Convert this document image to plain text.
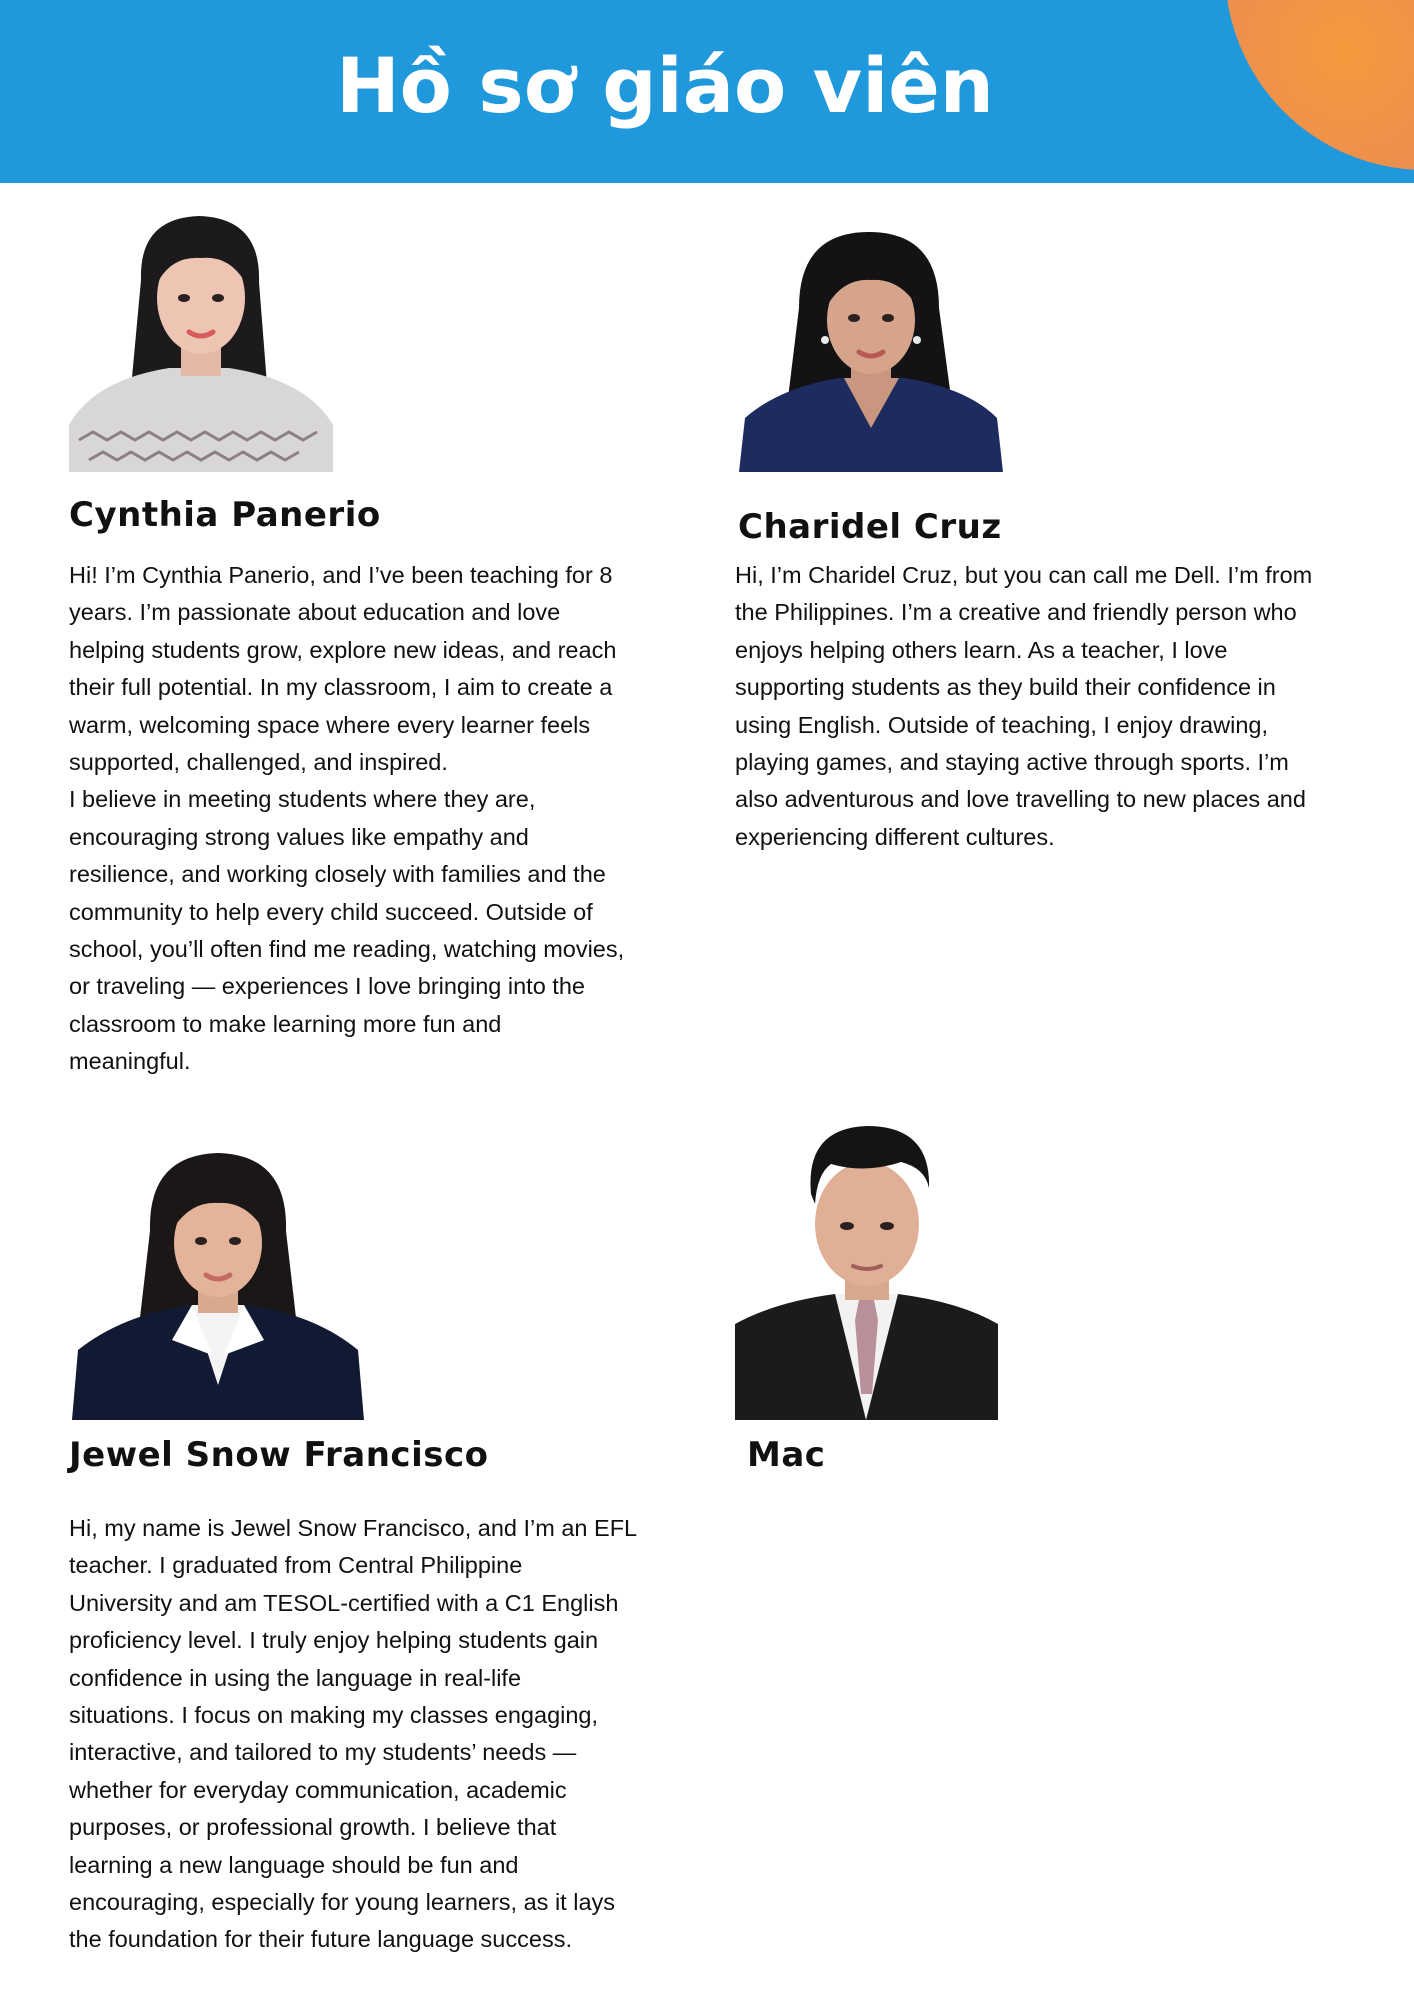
Hồ sơ giáo viên
Cynthia Panerio

Hi! I’m Cynthia Panerio, and I’ve been teaching for 8
years. I’m passionate about education and love
helping students grow, explore new ideas, and reach
their full potential. In my classroom, I aim to create a
warm, welcoming space where every learner feels
supported, challenged, and inspired.
I believe in meeting students where they are,
encouraging strong values like empathy and
resilience, and working closely with families and the
community to help every child succeed. Outside of
school, you’ll often find me reading, watching movies,
or traveling — experiences I love bringing into the
classroom to make learning more fun and
meaningful.

Charidel Cruz

Hi, I’m Charidel Cruz, but you can call me Dell. I’m from
the Philippines. I’m a creative and friendly person who
enjoys helping others learn. As a teacher, I love
supporting students as they build their confidence in
using English. Outside of teaching, I enjoy drawing,
playing games, and staying active through sports. I’m
also adventurous and love travelling to new places and
experiencing different cultures.

Jewel Snow Francisco

Hi, my name is Jewel Snow Francisco, and I’m an EFL
teacher. I graduated from Central Philippine
University and am TESOL-certified with a C1 English
proficiency level. I truly enjoy helping students gain
confidence in using the language in real-life
situations. I focus on making my classes engaging,
interactive, and tailored to my students’ needs —
whether for everyday communication, academic
purposes, or professional growth. I believe that
learning a new language should be fun and
encouraging, especially for young learners, as it lays
the foundation for their future language success.

Mac
